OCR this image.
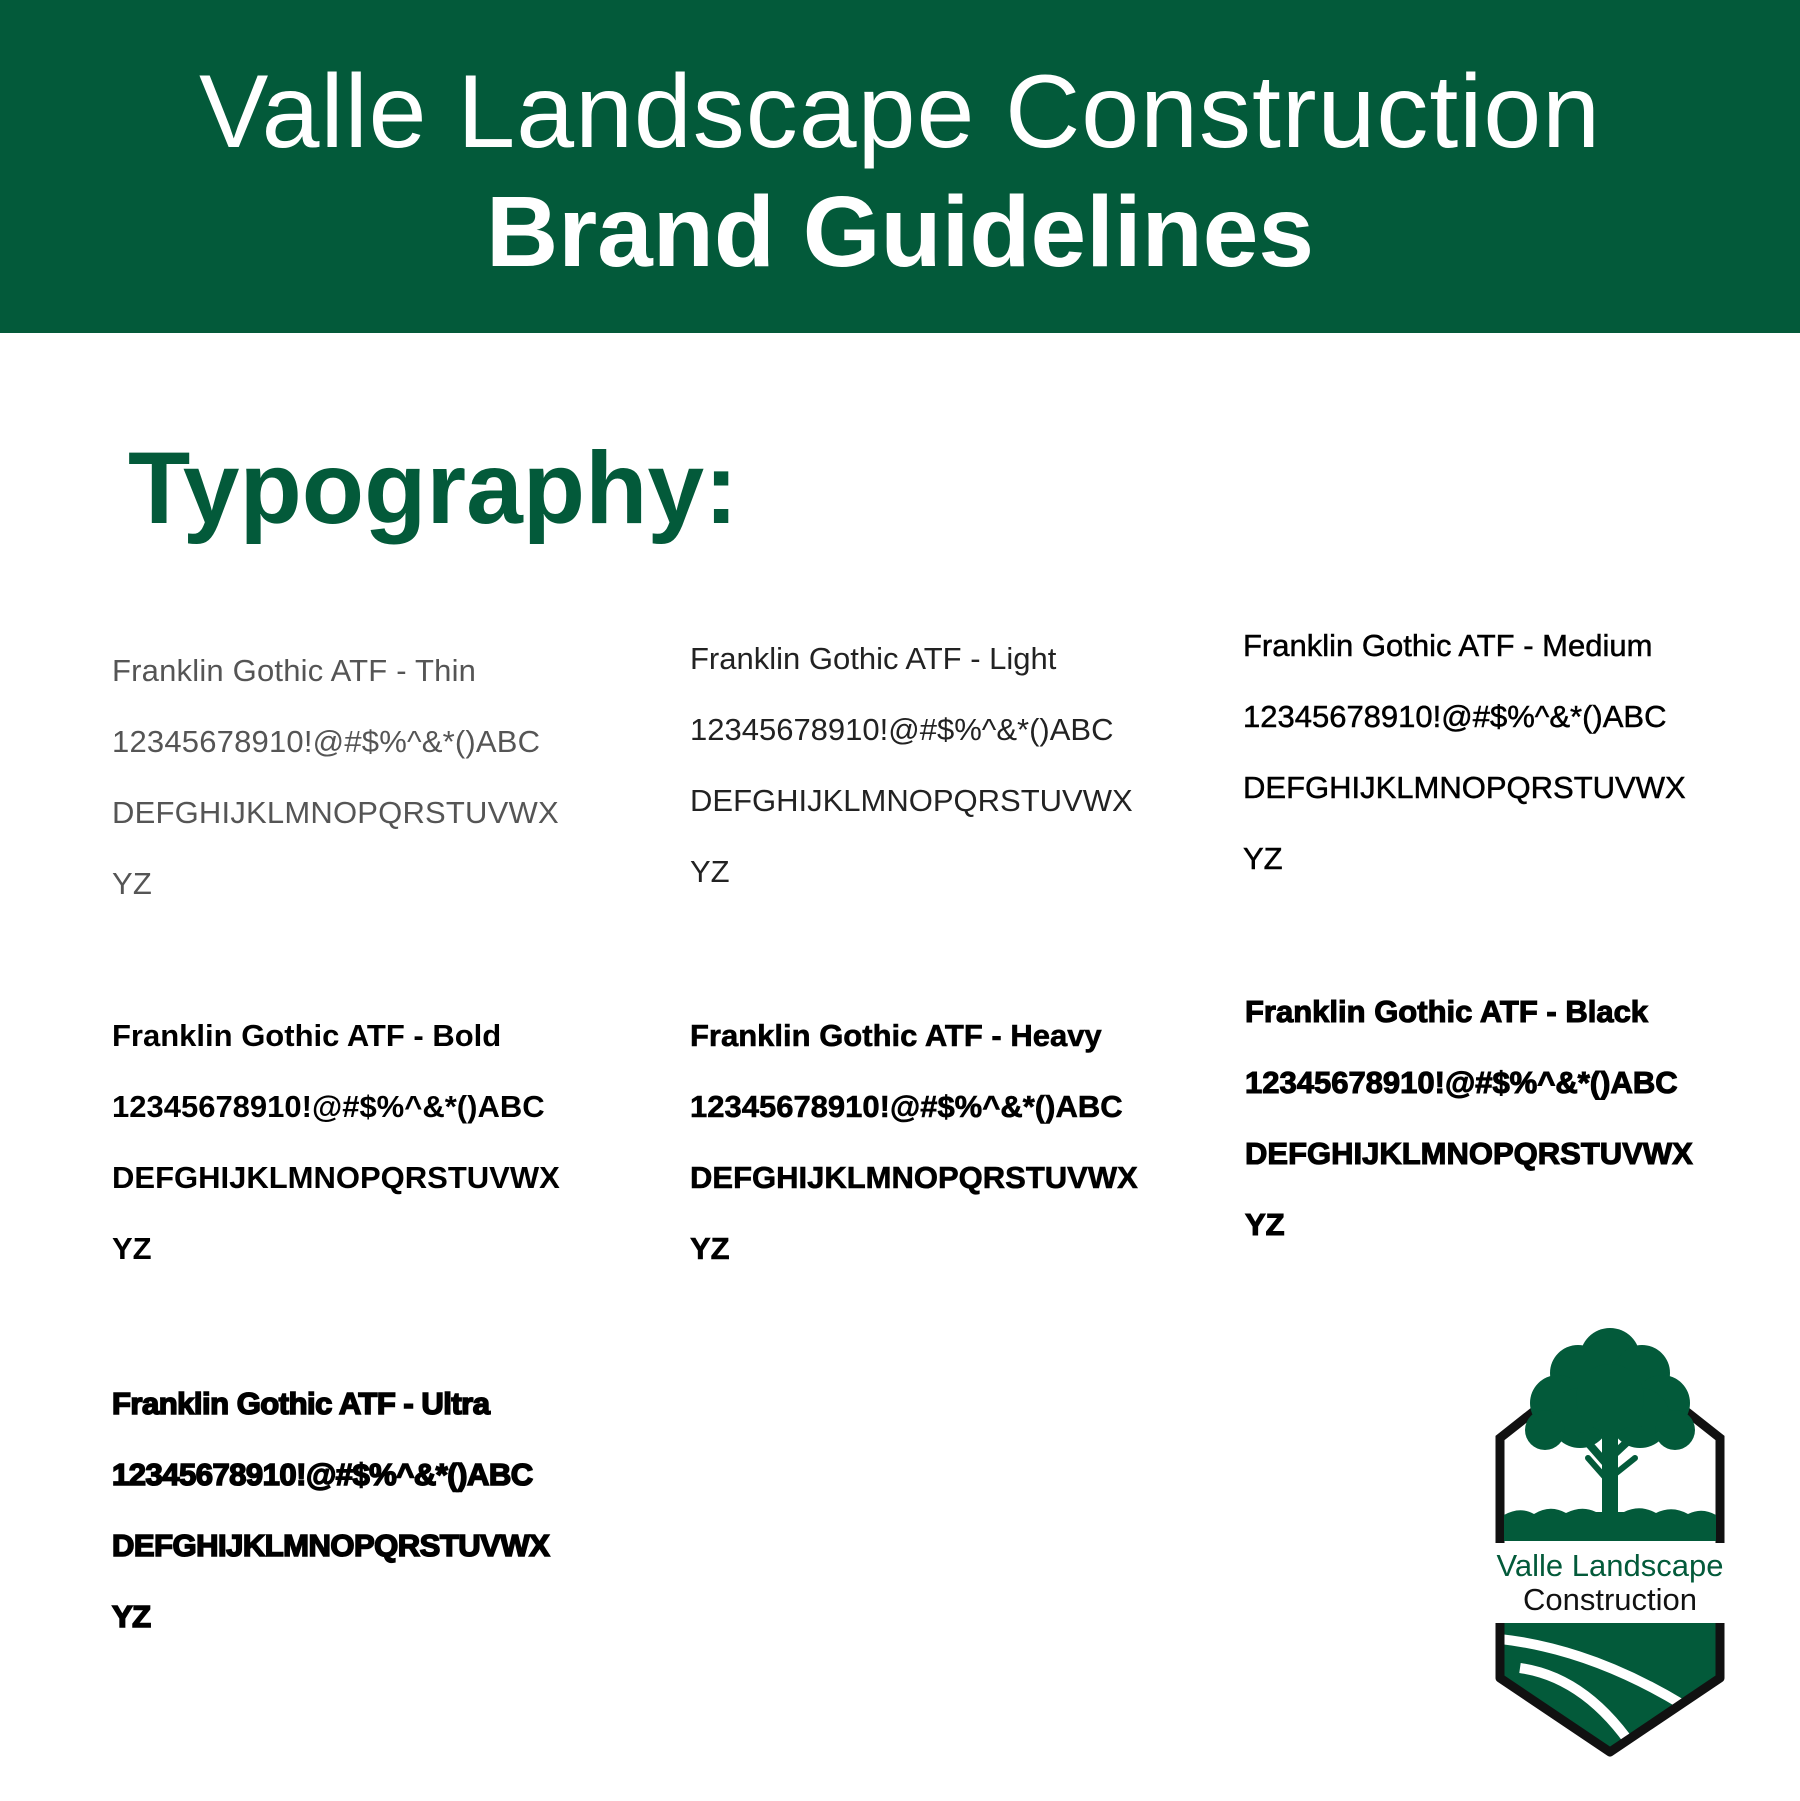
Valle Landscape Construction
Brand Guidelines
Typography:
Franklin Gothic ATF - Thin
12345678910!@#$%^&*()ABC
DEFGHIJKLMNOPQRSTUVWX
YZ
Franklin Gothic ATF - Light
12345678910!@#$%^&*()ABC
DEFGHIJKLMNOPQRSTUVWX
YZ
Franklin Gothic ATF - Medium
12345678910!@#$%^&*()ABC
DEFGHIJKLMNOPQRSTUVWX
YZ
Franklin Gothic ATF - Bold
12345678910!@#$%^&*()ABC
DEFGHIJKLMNOPQRSTUVWX
YZ
Franklin Gothic ATF - Heavy
12345678910!@#$%^&*()ABC
DEFGHIJKLMNOPQRSTUVWX
YZ
Franklin Gothic ATF - Black
12345678910!@#$%^&*()ABC
DEFGHIJKLMNOPQRSTUVWX
YZ
Franklin Gothic ATF - Ultra
12345678910!@#$%^&*()ABC
DEFGHIJKLMNOPQRSTUVWX
YZ
Valle Landscape
Construction
